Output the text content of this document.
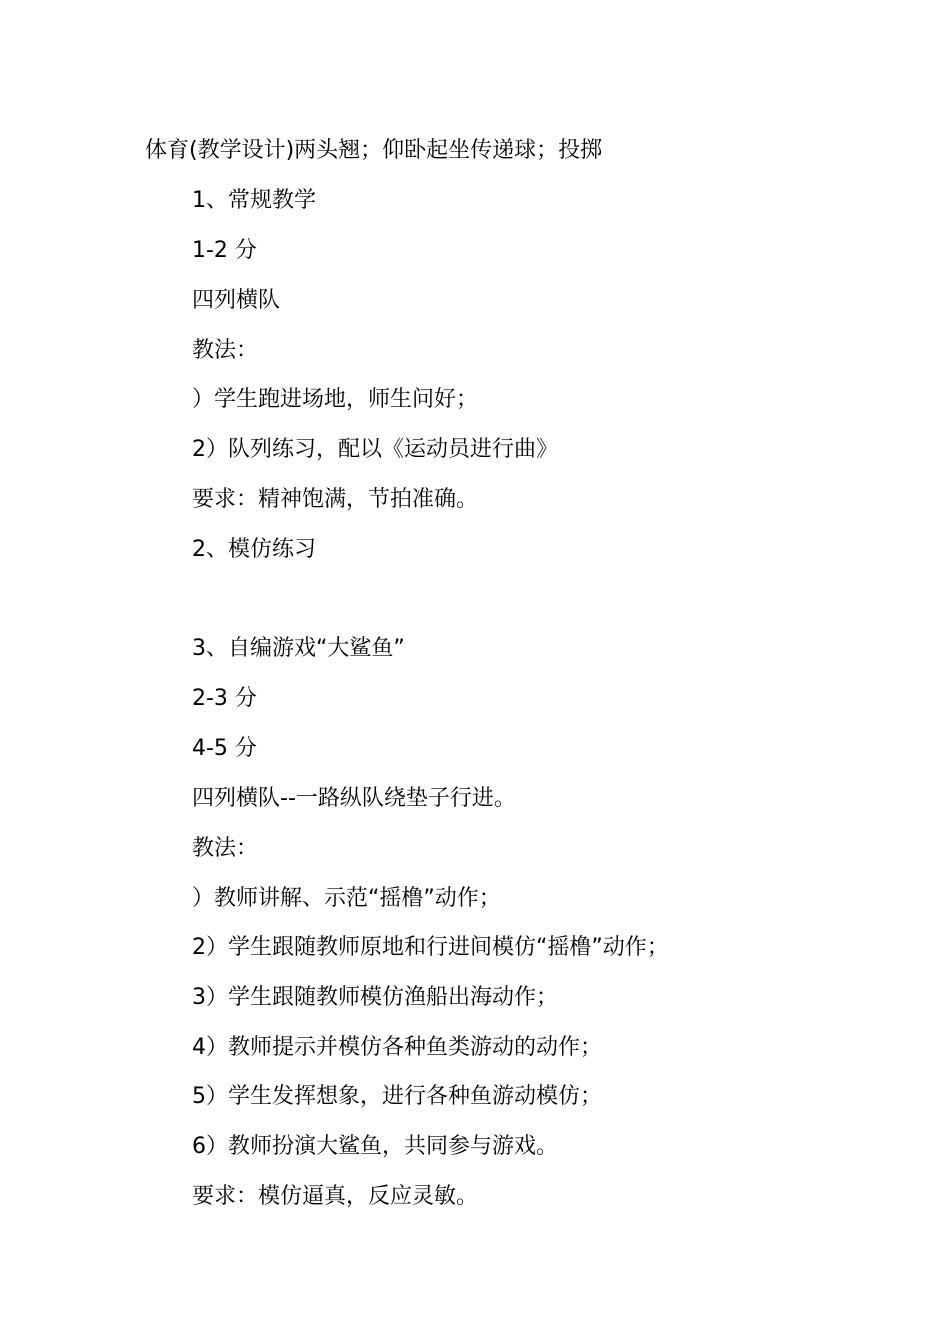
体育(教学设计)两头翘；仰卧起坐传递球；投掷
1、常规教学
1-2 分
四列横队
教法：
）学生跑进场地，师生问好；
2）队列练习，配以《运动员进行曲》
要求：精神饱满，节拍准确。
2、模仿练习
3、自编游戏“大鲨鱼”
2-3 分
4-5 分
四列横队--一路纵队绕垫子行进。
教法：
）教师讲解、示范“摇橹”动作；
2）学生跟随教师原地和行进间模仿“摇橹”动作；
3）学生跟随教师模仿渔船出海动作；
4）教师提示并模仿各种鱼类游动的动作；
5）学生发挥想象，进行各种鱼游动模仿；
6）教师扮演大鲨鱼，共同参与游戏。
要求：模仿逼真，反应灵敏。
